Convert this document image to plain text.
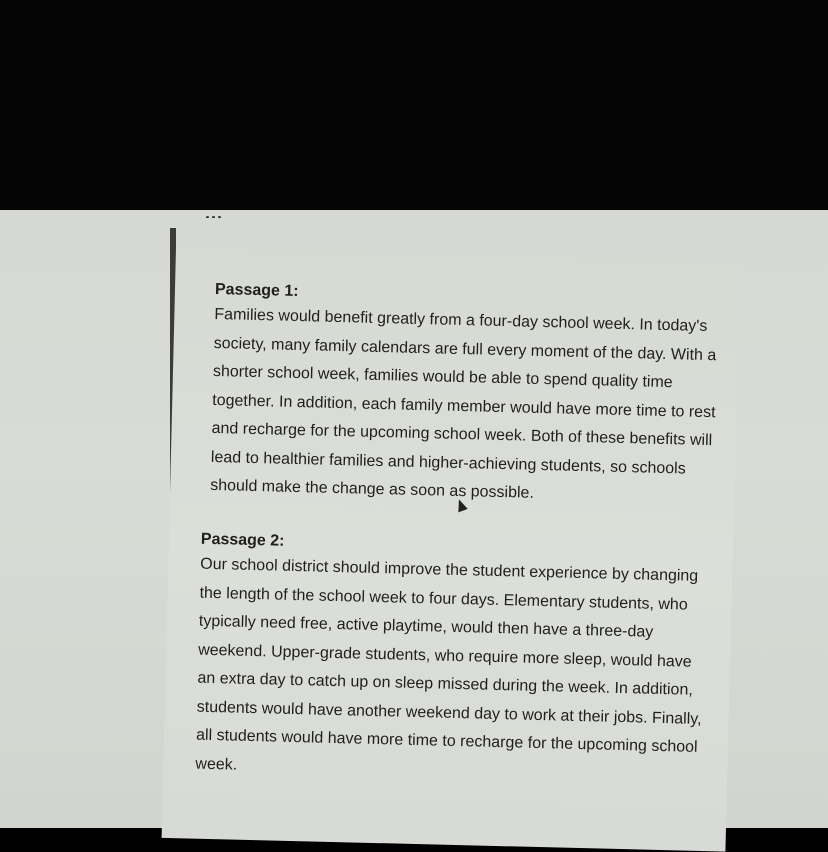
...

Passage 1:

Families would benefit greatly from a four-day school week. In today's society, many family calendars are full every moment of the day. With a shorter school week, families would be able to spend quality time together. In addition, each family member would have more time to rest and recharge for the upcoming school week. Both of these benefits will lead to healthier families and higher-achieving students, so schools should make the change as soon as possible.

Passage 2:

Our school district should improve the student experience by changing the length of the school week to four days. Elementary students, who typically need free, active playtime, would then have a three-day weekend. Upper-grade students, who require more sleep, would have an extra day to catch up on sleep missed during the week. In addition, students would have another weekend day to work at their jobs. Finally, all students would have more time to recharge for the upcoming school week.
